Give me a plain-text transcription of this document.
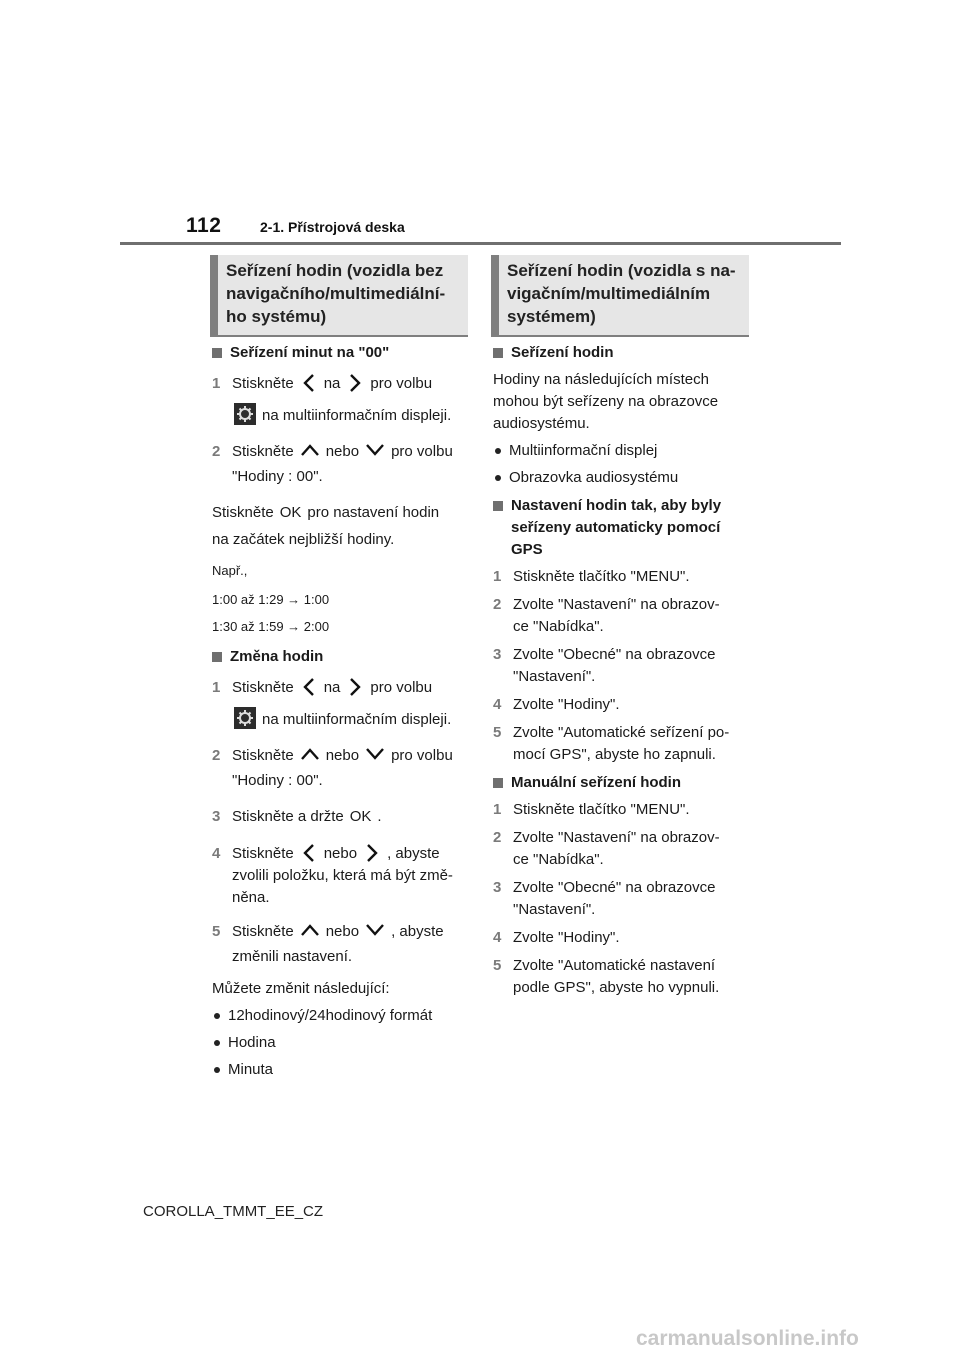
112	2-1. Přístrojová deska
Seřízení hodin (vozidla bez
navigačního/multimediální-
ho systému)

Seřízení minut na "00"

1 Stiskněte na pro volbu
na multiinformačním displeji.
2 Stiskněte nebo pro volbu
"Hodiny : 00".

Stiskněte OK pro nastavení hodin

na začátek nejbližší hodiny.

Např.,

1:00 až 1:29 → 1:00

1:30 až 1:59 → 2:00

Změna hodin

1 Stiskněte na pro volbu
na multiinformačním displeji.
2 Stiskněte nebo pro volbu
"Hodiny : 00".
3 Stiskněte a držte OK .
4 Stiskněte nebo , abyste
zvolili položku, která má být změ-
něna.
5 Stiskněte nebo , abyste
změnili nastavení.

Můžete změnit následující:

12hodinový/24hodinový formát
Hodina
Minuta
Seřízení hodin (vozidla s na-
vigačním/multimediálním
systémem)

Seřízení hodin

Hodiny na následujících místech
mohou být seřízeny na obrazovce
audiosystému.

Multiinformační displej
Obrazovka audiosystému

Nastavení hodin tak, aby byly
seřízeny automaticky pomocí
GPS

1 Stiskněte tlačítko "MENU".
2 Zvolte "Nastavení" na obrazov-
ce "Nabídka".
3 Zvolte "Obecné" na obrazovce
"Nastavení".
4 Zvolte "Hodiny".
5 Zvolte "Automatické seřízení po-
mocí GPS", abyste ho zapnuli.

Manuální seřízení hodin

1 Stiskněte tlačítko "MENU".
2 Zvolte "Nastavení" na obrazov-
ce "Nabídka".
3 Zvolte "Obecné" na obrazovce
"Nastavení".
4 Zvolte "Hodiny".
5 Zvolte "Automatické nastavení
podle GPS", abyste ho vypnuli.
COROLLA_TMMT_EE_CZ
carmanualsonline.info
